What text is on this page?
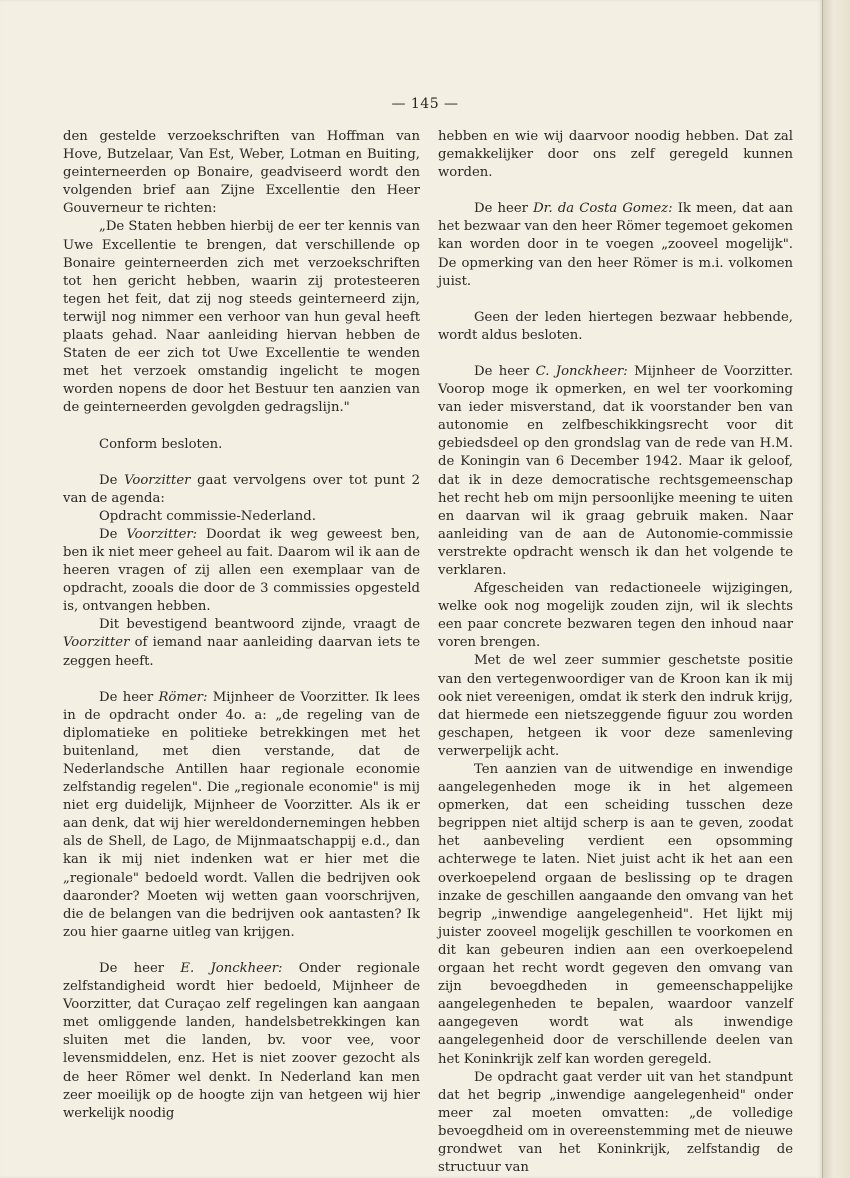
— 145 —

den gestelde verzoekschriften van Hoffman van Hove, Butzelaar, Van Est, Weber, Lotman en Buiting, geinterneerden op Bonaire, geadviseerd wordt den volgenden brief aan Zijne Excellentie den Heer Gouverneur te richten:

„De Staten hebben hierbij de eer ter kennis van Uwe Excellentie te brengen, dat verschillende op Bonaire geinterneerden zich met verzoekschriften tot hen gericht hebben, waarin zij protesteeren tegen het feit, dat zij nog steeds geinterneerd zijn, terwijl nog nimmer een verhoor van hun geval heeft plaats gehad. Naar aanleiding hiervan hebben de Staten de eer zich tot Uwe Excellentie te wenden met het verzoek omstandig ingelicht te mogen worden nopens de door het Bestuur ten aanzien van de geinterneerden gevolgden gedragslijn."

Conform besloten.

De Voorzitter gaat vervolgens over tot punt 2 van de agenda:

Opdracht commissie-Nederland.

De Voorzitter: Doordat ik weg geweest ben, ben ik niet meer geheel au fait. Daarom wil ik aan de heeren vragen of zij allen een exemplaar van de opdracht, zooals die door de 3 commissies opgesteld is, ontvangen hebben.

Dit bevestigend beantwoord zijnde, vraagt de Voorzitter of iemand naar aanleiding daarvan iets te zeggen heeft.

De heer Römer: Mijnheer de Voorzitter. Ik lees in de opdracht onder 4o. a: „de regeling van de diplomatieke en politieke betrekkingen met het buitenland, met dien verstande, dat de Nederlandsche Antillen haar regionale economie zelfstandig regelen". Die „regionale economie" is mij niet erg duidelijk, Mijnheer de Voorzitter. Als ik er aan denk, dat wij hier wereldondernemingen hebben als de Shell, de Lago, de Mijnmaatschappij e.d., dan kan ik mij niet indenken wat er hier met die „regionale" bedoeld wordt. Vallen die bedrijven ook daaronder? Moeten wij wetten gaan voorschrijven, die de belangen van die bedrijven ook aantasten? Ik zou hier gaarne uitleg van krijgen.

De heer E. Jonckheer: Onder regionale zelfstandigheid wordt hier bedoeld, Mijnheer de Voorzitter, dat Curaçao zelf regelingen kan aangaan met omliggende landen, handelsbetrekkingen kan sluiten met die landen, bv. voor vee, voor levensmiddelen, enz. Het is niet zoover gezocht als de heer Römer wel denkt. In Nederland kan men zeer moeilijk op de hoogte zijn van hetgeen wij hier werkelijk noodig

hebben en wie wij daarvoor noodig hebben. Dat zal gemakkelijker door ons zelf geregeld kunnen worden.

De heer Dr. da Costa Gomez: Ik meen, dat aan het bezwaar van den heer Römer tegemoet gekomen kan worden door in te voegen „zooveel mogelijk". De opmerking van den heer Römer is m.i. volkomen juist.

Geen der leden hiertegen bezwaar hebbende, wordt aldus besloten.

De heer C. Jonckheer: Mijnheer de Voorzitter. Voorop moge ik opmerken, en wel ter voorkoming van ieder misverstand, dat ik voorstander ben van autonomie en zelfbeschikkingsrecht voor dit gebiedsdeel op den grondslag van de rede van H.M. de Koningin van 6 December 1942. Maar ik geloof, dat ik in deze democratische rechtsgemeenschap het recht heb om mijn persoonlijke meening te uiten en daarvan wil ik graag gebruik maken. Naar aanleiding van de aan de Autonomie-commissie verstrekte opdracht wensch ik dan het volgende te verklaren.

Afgescheiden van redactioneele wijzigingen, welke ook nog mogelijk zouden zijn, wil ik slechts een paar concrete bezwaren tegen den inhoud naar voren brengen.

Met de wel zeer summier geschetste positie van den vertegenwoordiger van de Kroon kan ik mij ook niet vereenigen, omdat ik sterk den indruk krijg, dat hiermede een nietszeggende figuur zou worden geschapen, hetgeen ik voor deze samenleving verwerpelijk acht.

Ten aanzien van de uitwendige en inwendige aangelegenheden moge ik in het algemeen opmerken, dat een scheiding tusschen deze begrippen niet altijd scherp is aan te geven, zoodat het aanbeveling verdient een opsomming achterwege te laten. Niet juist acht ik het aan een overkoepelend orgaan de beslissing op te dragen inzake de geschillen aangaande den omvang van het begrip „inwendige aangelegenheid". Het lijkt mij juister zooveel mogelijk geschillen te voorkomen en dit kan gebeuren indien aan een overkoepelend orgaan het recht wordt gegeven den omvang van zijn bevoegdheden in gemeenschappelijke aangelegenheden te bepalen, waardoor vanzelf aangegeven wordt wat als inwendige aangelegenheid door de verschillende deelen van het Koninkrijk zelf kan worden geregeld.

De opdracht gaat verder uit van het standpunt dat het begrip „inwendige aangelegenheid" onder meer zal moeten omvatten: „de volledige bevoegdheid om in overeenstemming met de nieuwe grondwet van het Koninkrijk, zelfstandig de structuur van
